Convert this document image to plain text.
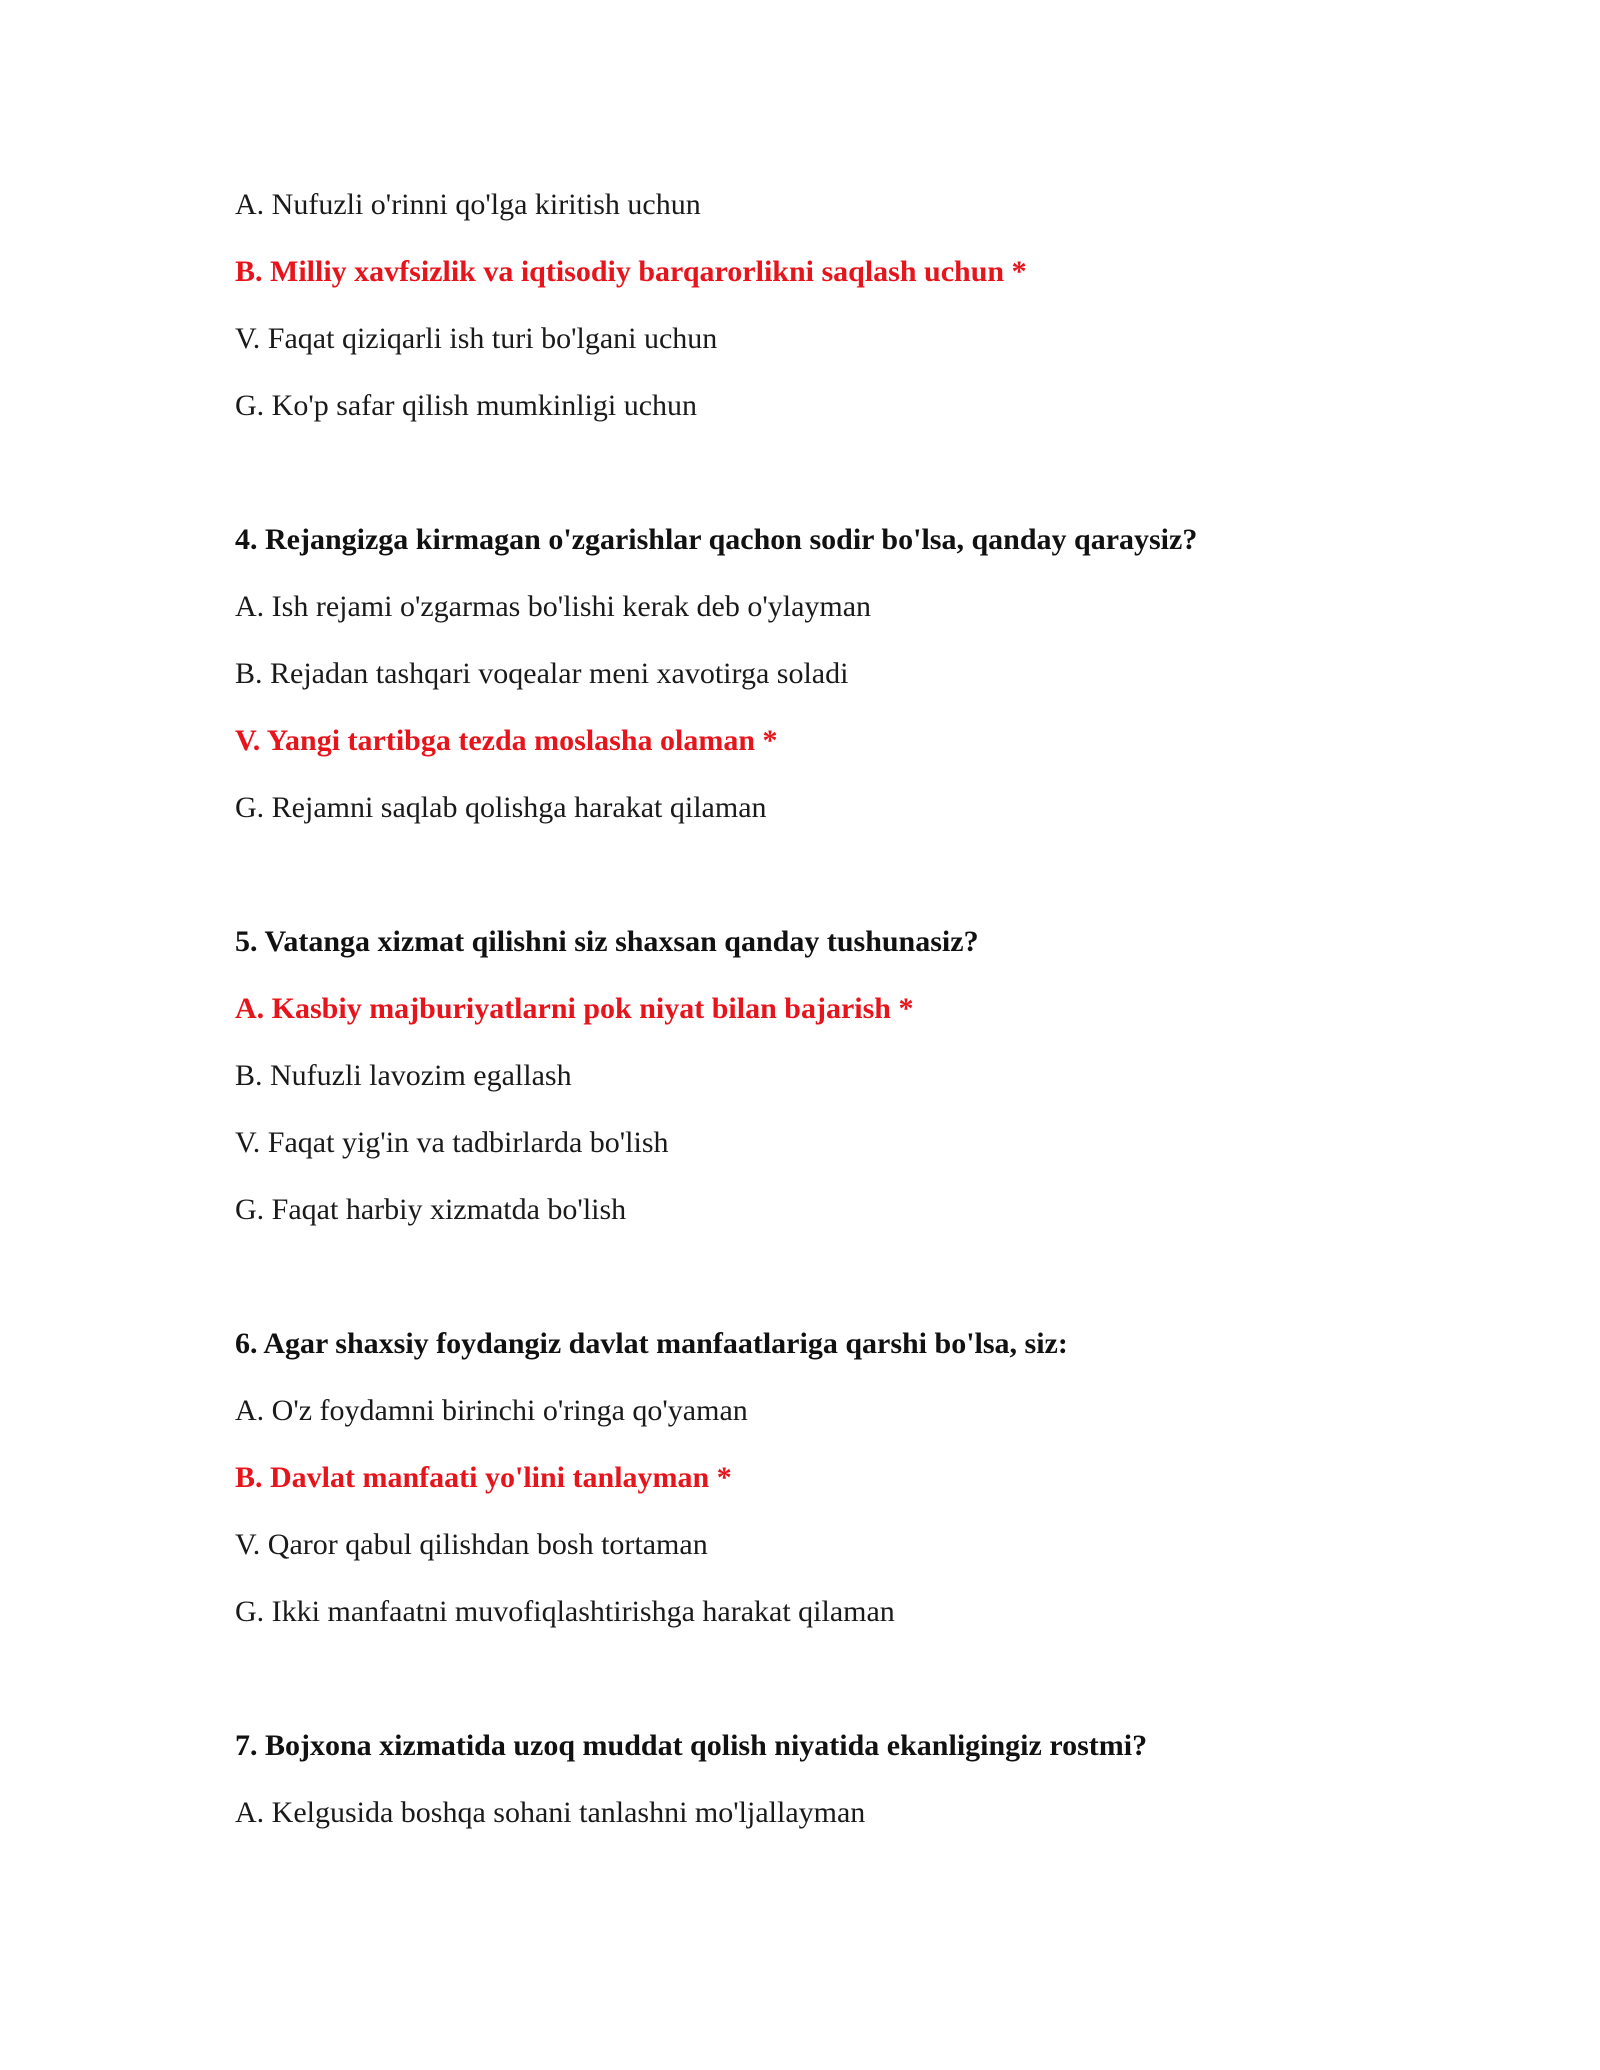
A. Nufuzli o'rinni qo'lga kiritish uchun
B. Milliy xavfsizlik va iqtisodiy barqarorlikni saqlash uchun *
V. Faqat qiziqarli ish turi bo'lgani uchun
G. Ko'p safar qilish mumkinligi uchun
4. Rejangizga kirmagan o'zgarishlar qachon sodir bo'lsa, qanday qaraysiz?
A. Ish rejami o'zgarmas bo'lishi kerak deb o'ylayman
B. Rejadan tashqari voqealar meni xavotirga soladi
V. Yangi tartibga tezda moslasha olaman *
G. Rejamni saqlab qolishga harakat qilaman
5. Vatanga xizmat qilishni siz shaxsan qanday tushunasiz?
A. Kasbiy majburiyatlarni pok niyat bilan bajarish *
B. Nufuzli lavozim egallash
V. Faqat yig'in va tadbirlarda bo'lish
G. Faqat harbiy xizmatda bo'lish
6. Agar shaxsiy foydangiz davlat manfaatlariga qarshi bo'lsa, siz:
A. O'z foydamni birinchi o'ringa qo'yaman
B. Davlat manfaati yo'lini tanlayman *
V. Qaror qabul qilishdan bosh tortaman
G. Ikki manfaatni muvofiqlashtirishga harakat qilaman
7. Bojxona xizmatida uzoq muddat qolish niyatida ekanligingiz rostmi?
A. Kelgusida boshqa sohani tanlashni mo'ljallayman
